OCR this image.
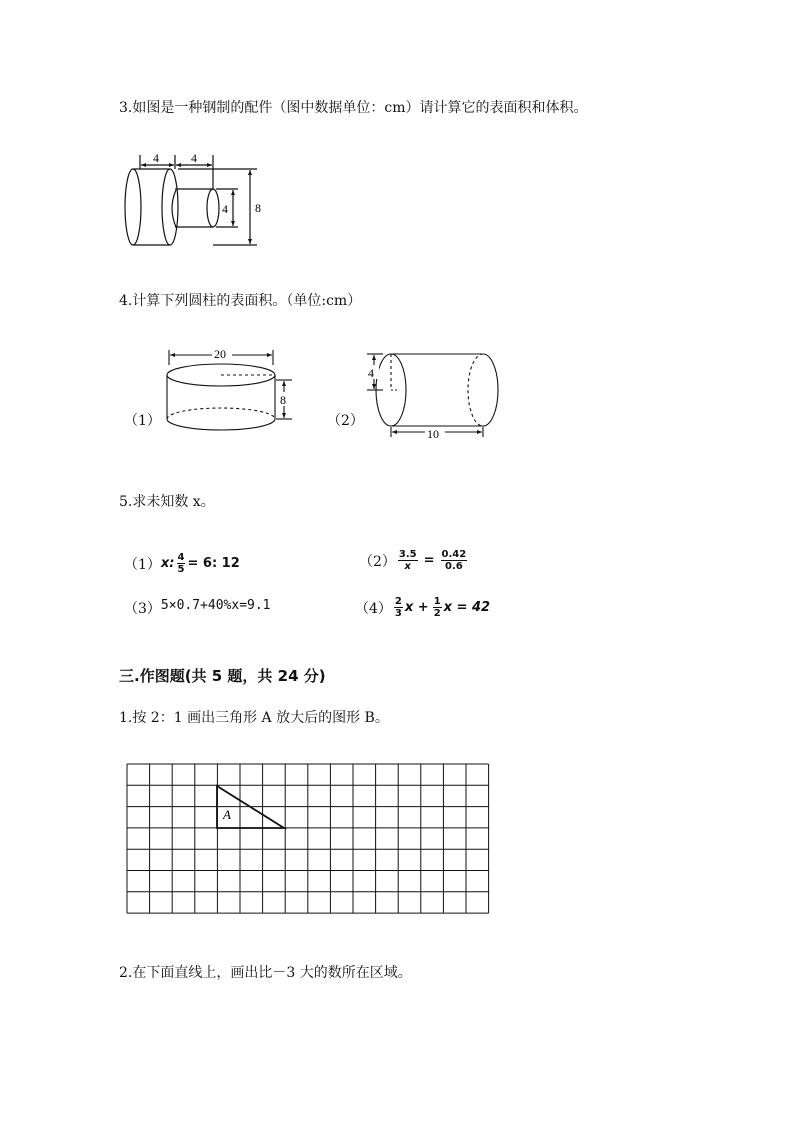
3.如图是一种钢制的配件（图中数据单位：cm）请计算它的表面积和体积。
4	4
4 8
4.计算下列圆柱的表面积。（单位:cm）
（1）
20
8
（2）
4
10
5.求未知数 x。
（1） x: $\frac{4}{5} = 6$: 12	$(2) \frac{3.5}{x} = \frac{0.42}{0.6}$
（3） 5×0.7+40%x=9.1	$(4) \frac{2}{3}$ $x + \frac{1}{2}$ x = 42
三.作图题(共 5 题，共 24 分)
1.按 2：1 画出三角形 A 放大后的图形 B。
A
2.在下面直线上，画出比－3 大的数所在区域。
